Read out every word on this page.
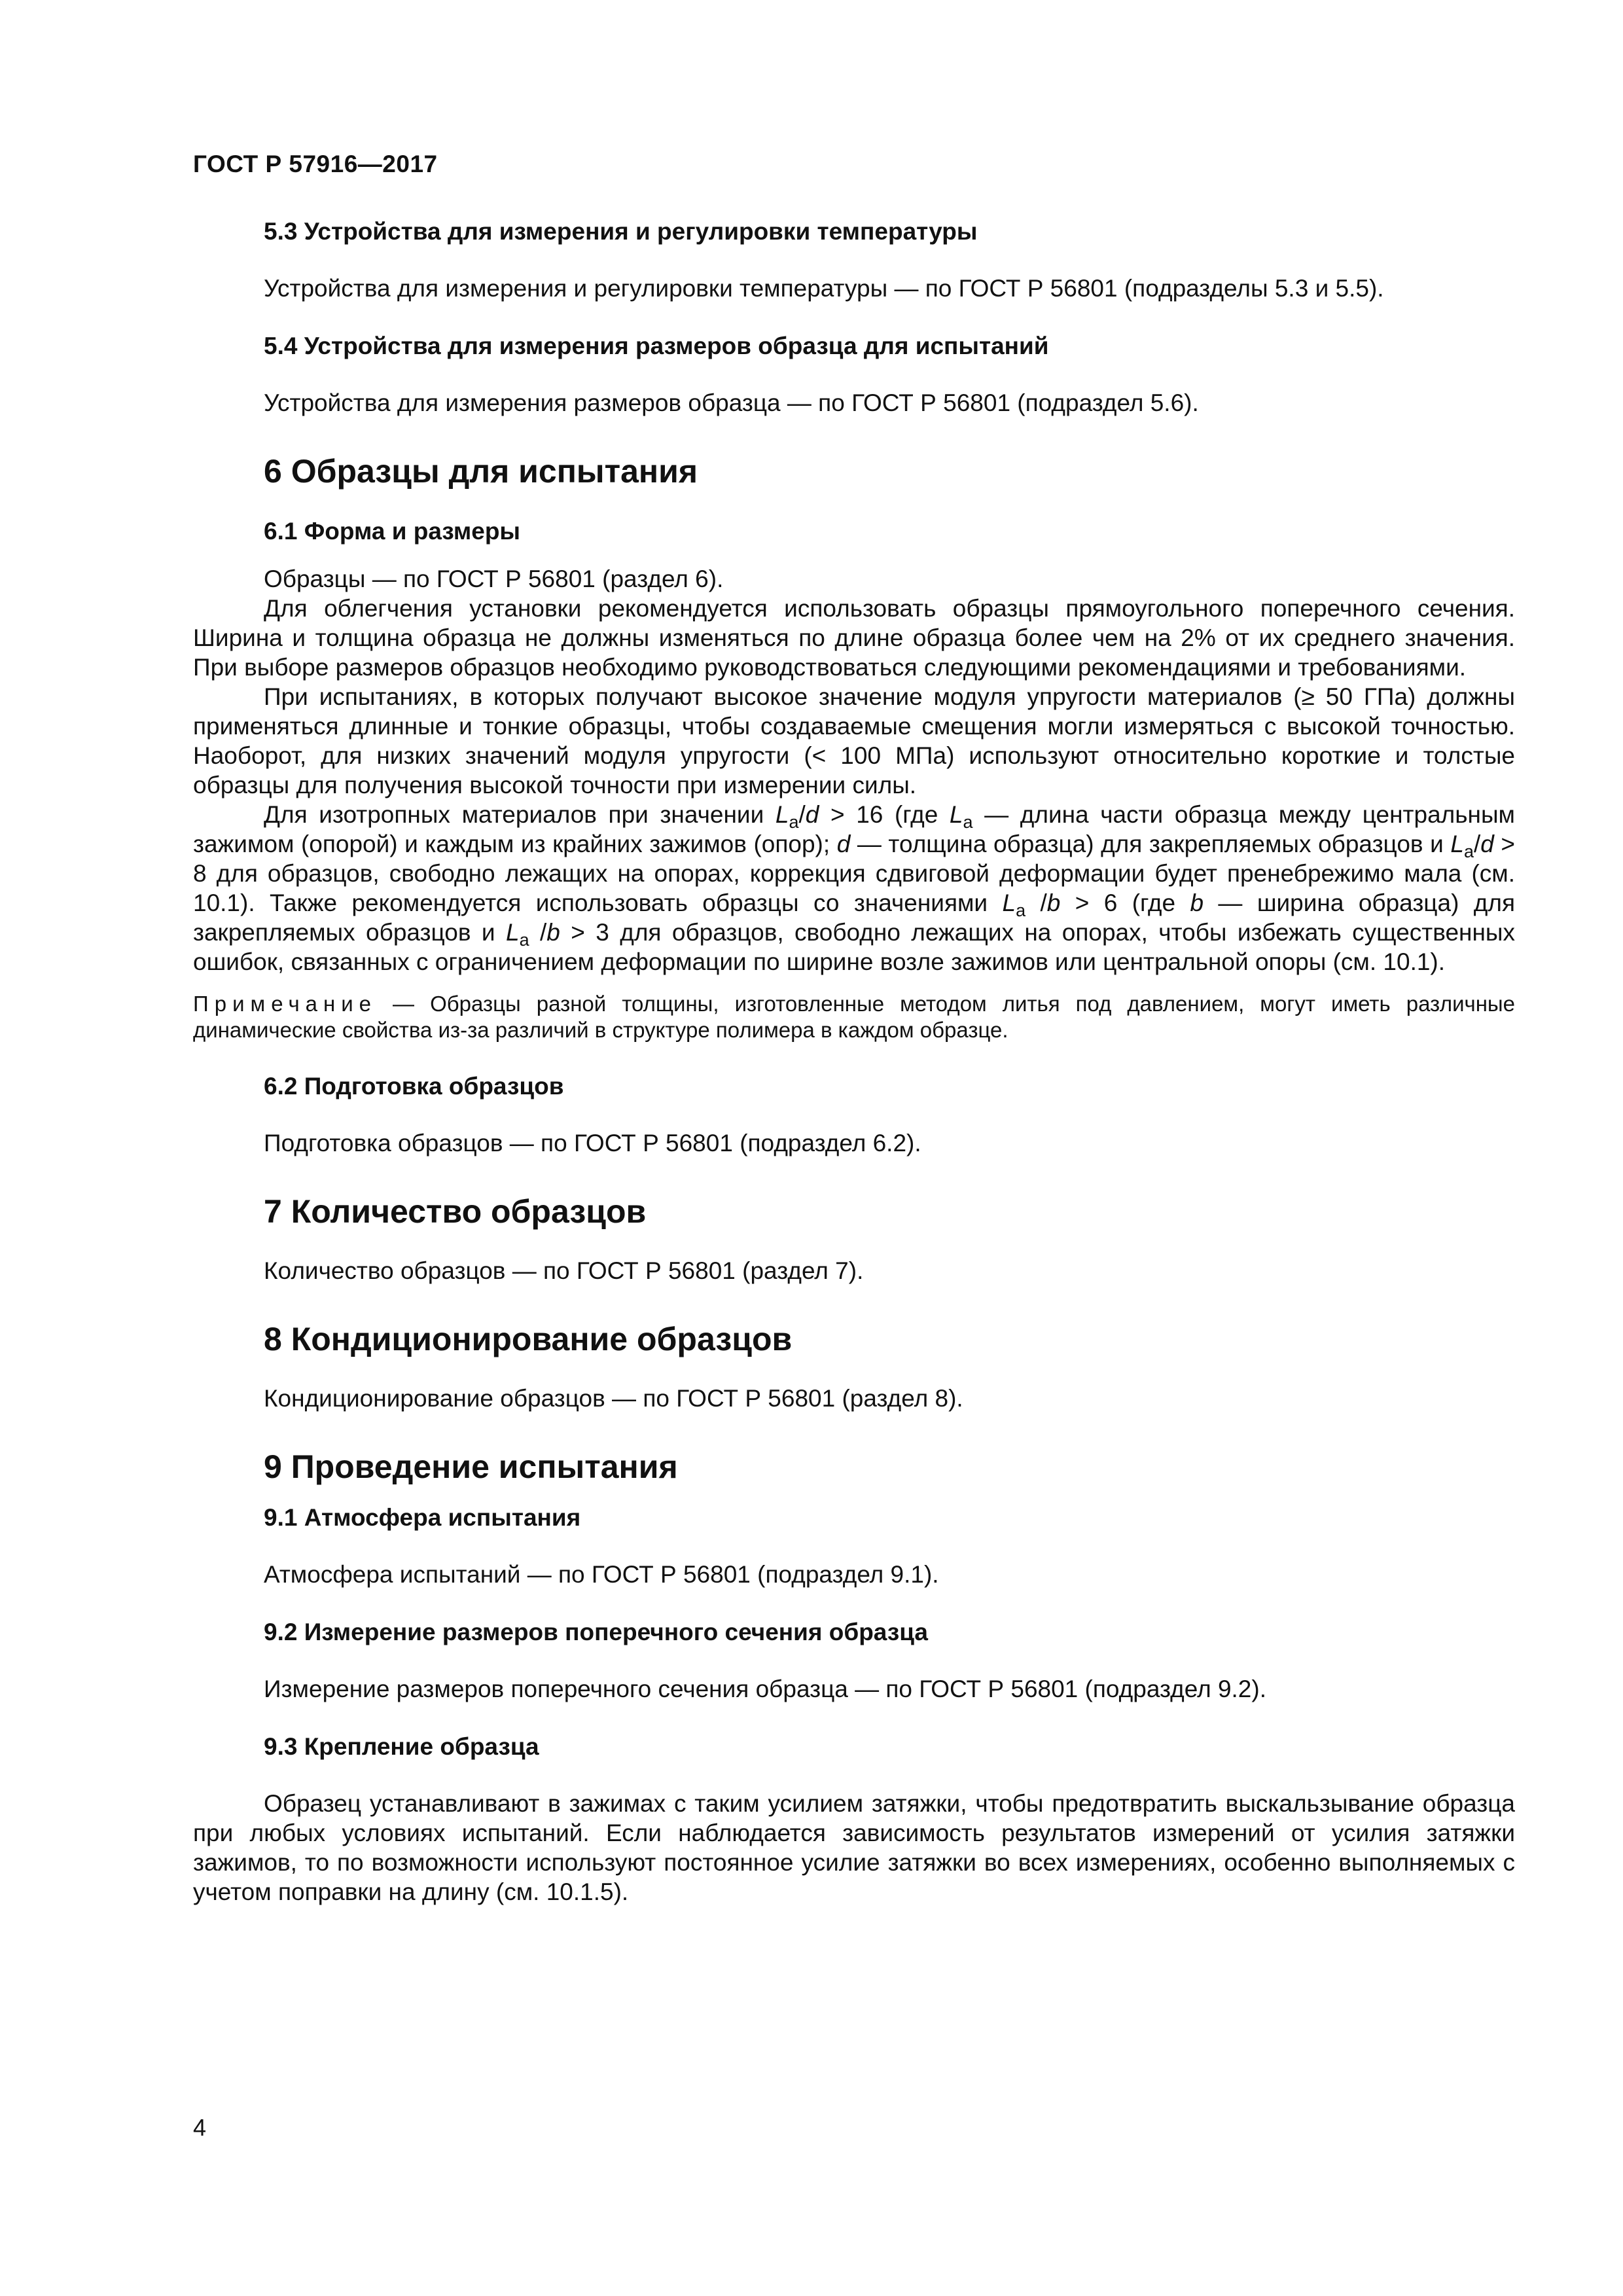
ГОСТ Р 57916—2017
5.3 Устройства для измерения и регулировки температуры

Устройства для измерения и регулировки температуры — по ГОСТ Р 56801 (подразделы 5.3 и 5.5).

5.4 Устройства для измерения размеров образца для испытаний

Устройства для измерения размеров образца — по ГОСТ Р 56801 (подраздел 5.6).

6 Образцы для испытания
6.1 Форма и размеры

Образцы — по ГОСТ Р 56801 (раздел 6).

Для облегчения установки рекомендуется использовать образцы прямоугольного поперечного сечения. Ширина и толщина образца не должны изменяться по длине образца более чем на 2% от их среднего значения. При выборе размеров образцов необходимо руководствоваться следующими рекомендациями и требованиями.

При испытаниях, в которых получают высокое значение модуля упругости материалов (≥ 50 ГПа) должны применяться длинные и тонкие образцы, чтобы создаваемые смещения могли измеряться с высокой точностью. Наоборот, для низких значений модуля упругости (< 100 МПа) используют относительно короткие и толстые образцы для получения высокой точности при измерении силы.

Для изотропных материалов при значении $L_a/d > 16$ (где $L_a$ — длина части образца между центральным зажимом (опорой) и каждым из крайних зажимов (опор); d — толщина образца) для закрепляемых образцов и $L_a/d > 8$ для образцов, свободно лежащих на опорах, коррекция сдвиговой деформации будет пренебрежимо мала (см. 10.1). Также рекомендуется использовать образцы со значениями $L_a$ /b > 6 (где b — ширина образца) для закрепляемых образцов и $L_a$ /b > 3 для образцов, свободно лежащих на опорах, чтобы избежать существенных ошибок, связанных с ограничением деформации по ширине возле зажимов или центральной опоры (см. 10.1).

Примечание — Образцы разной толщины, изготовленные методом литья под давлением, могут иметь различные динамические свойства из-за различий в структуре полимера в каждом образце.

6.2 Подготовка образцов

Подготовка образцов — по ГОСТ Р 56801 (подраздел 6.2).

7 Количество образцов

Количество образцов — по ГОСТ Р 56801 (раздел 7).

8 Кондиционирование образцов

Кондиционирование образцов — по ГОСТ Р 56801 (раздел 8).

9 Проведение испытания
9.1 Атмосфера испытания

Атмосфера испытаний — по ГОСТ Р 56801 (подраздел 9.1).

9.2 Измерение размеров поперечного сечения образца

Измерение размеров поперечного сечения образца — по ГОСТ Р 56801 (подраздел 9.2).

9.3 Крепление образца

Образец устанавливают в зажимах с таким усилием затяжки, чтобы предотвратить выскальзывание образца при любых условиях испытаний. Если наблюдается зависимость результатов измерений от усилия затяжки зажимов, то по возможности используют постоянное усилие затяжки во всех измерениях, особенно выполняемых с учетом поправки на длину (см. 10.1.5).

4
